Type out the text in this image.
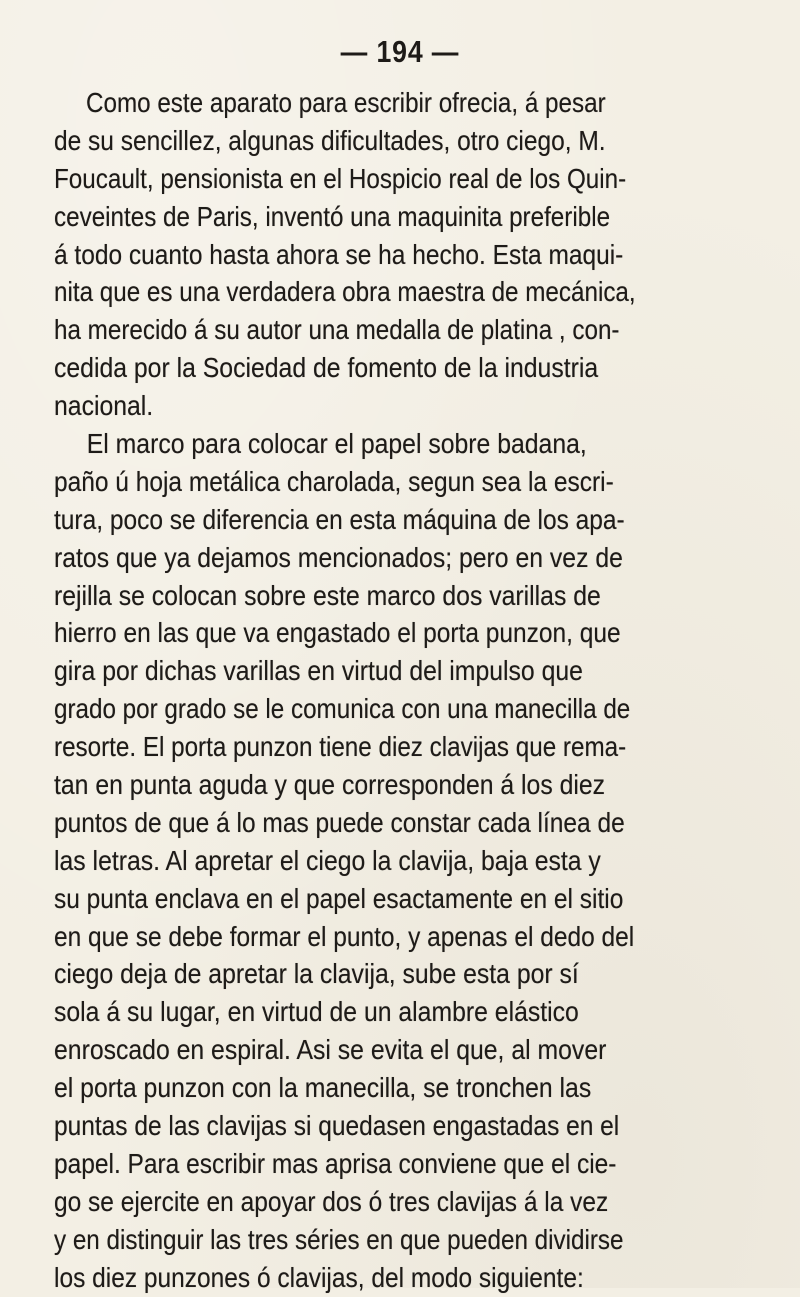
— 194 —
Como este aparato para escribir ofrecia, á pesar
de su sencillez, algunas dificultades, otro ciego, M.
Foucault, pensionista en el Hospicio real de los Quin-
ceveintes de Paris, inventó una maquinita preferible
á todo cuanto hasta ahora se ha hecho. Esta maqui-
nita que es una verdadera obra maestra de mecánica,
ha merecido á su autor una medalla de platina , con-
cedida por la Sociedad de fomento de la industria
nacional.
El marco para colocar el papel sobre badana,
paño ú hoja metálica charolada, segun sea la escri-
tura, poco se diferencia en esta máquina de los apa-
ratos que ya dejamos mencionados; pero en vez de
rejilla se colocan sobre este marco dos varillas de
hierro en las que va engastado el porta punzon, que
gira por dichas varillas en virtud del impulso que
grado por grado se le comunica con una manecilla de
resorte. El porta punzon tiene diez clavijas que rema-
tan en punta aguda y que corresponden á los diez
puntos de que á lo mas puede constar cada línea de
las letras. Al apretar el ciego la clavija, baja esta y
su punta enclava en el papel esactamente en el sitio
en que se debe formar el punto, y apenas el dedo del
ciego deja de apretar la clavija, sube esta por sí
sola á su lugar, en virtud de un alambre elástico
enroscado en espiral. Asi se evita el que, al mover
el porta punzon con la manecilla, se tronchen las
puntas de las clavijas si quedasen engastadas en el
papel. Para escribir mas aprisa conviene que el cie-
go se ejercite en apoyar dos ó tres clavijas á la vez
y en distinguir las tres séries en que pueden dividirse
los diez punzones ó clavijas, del modo siguiente:
